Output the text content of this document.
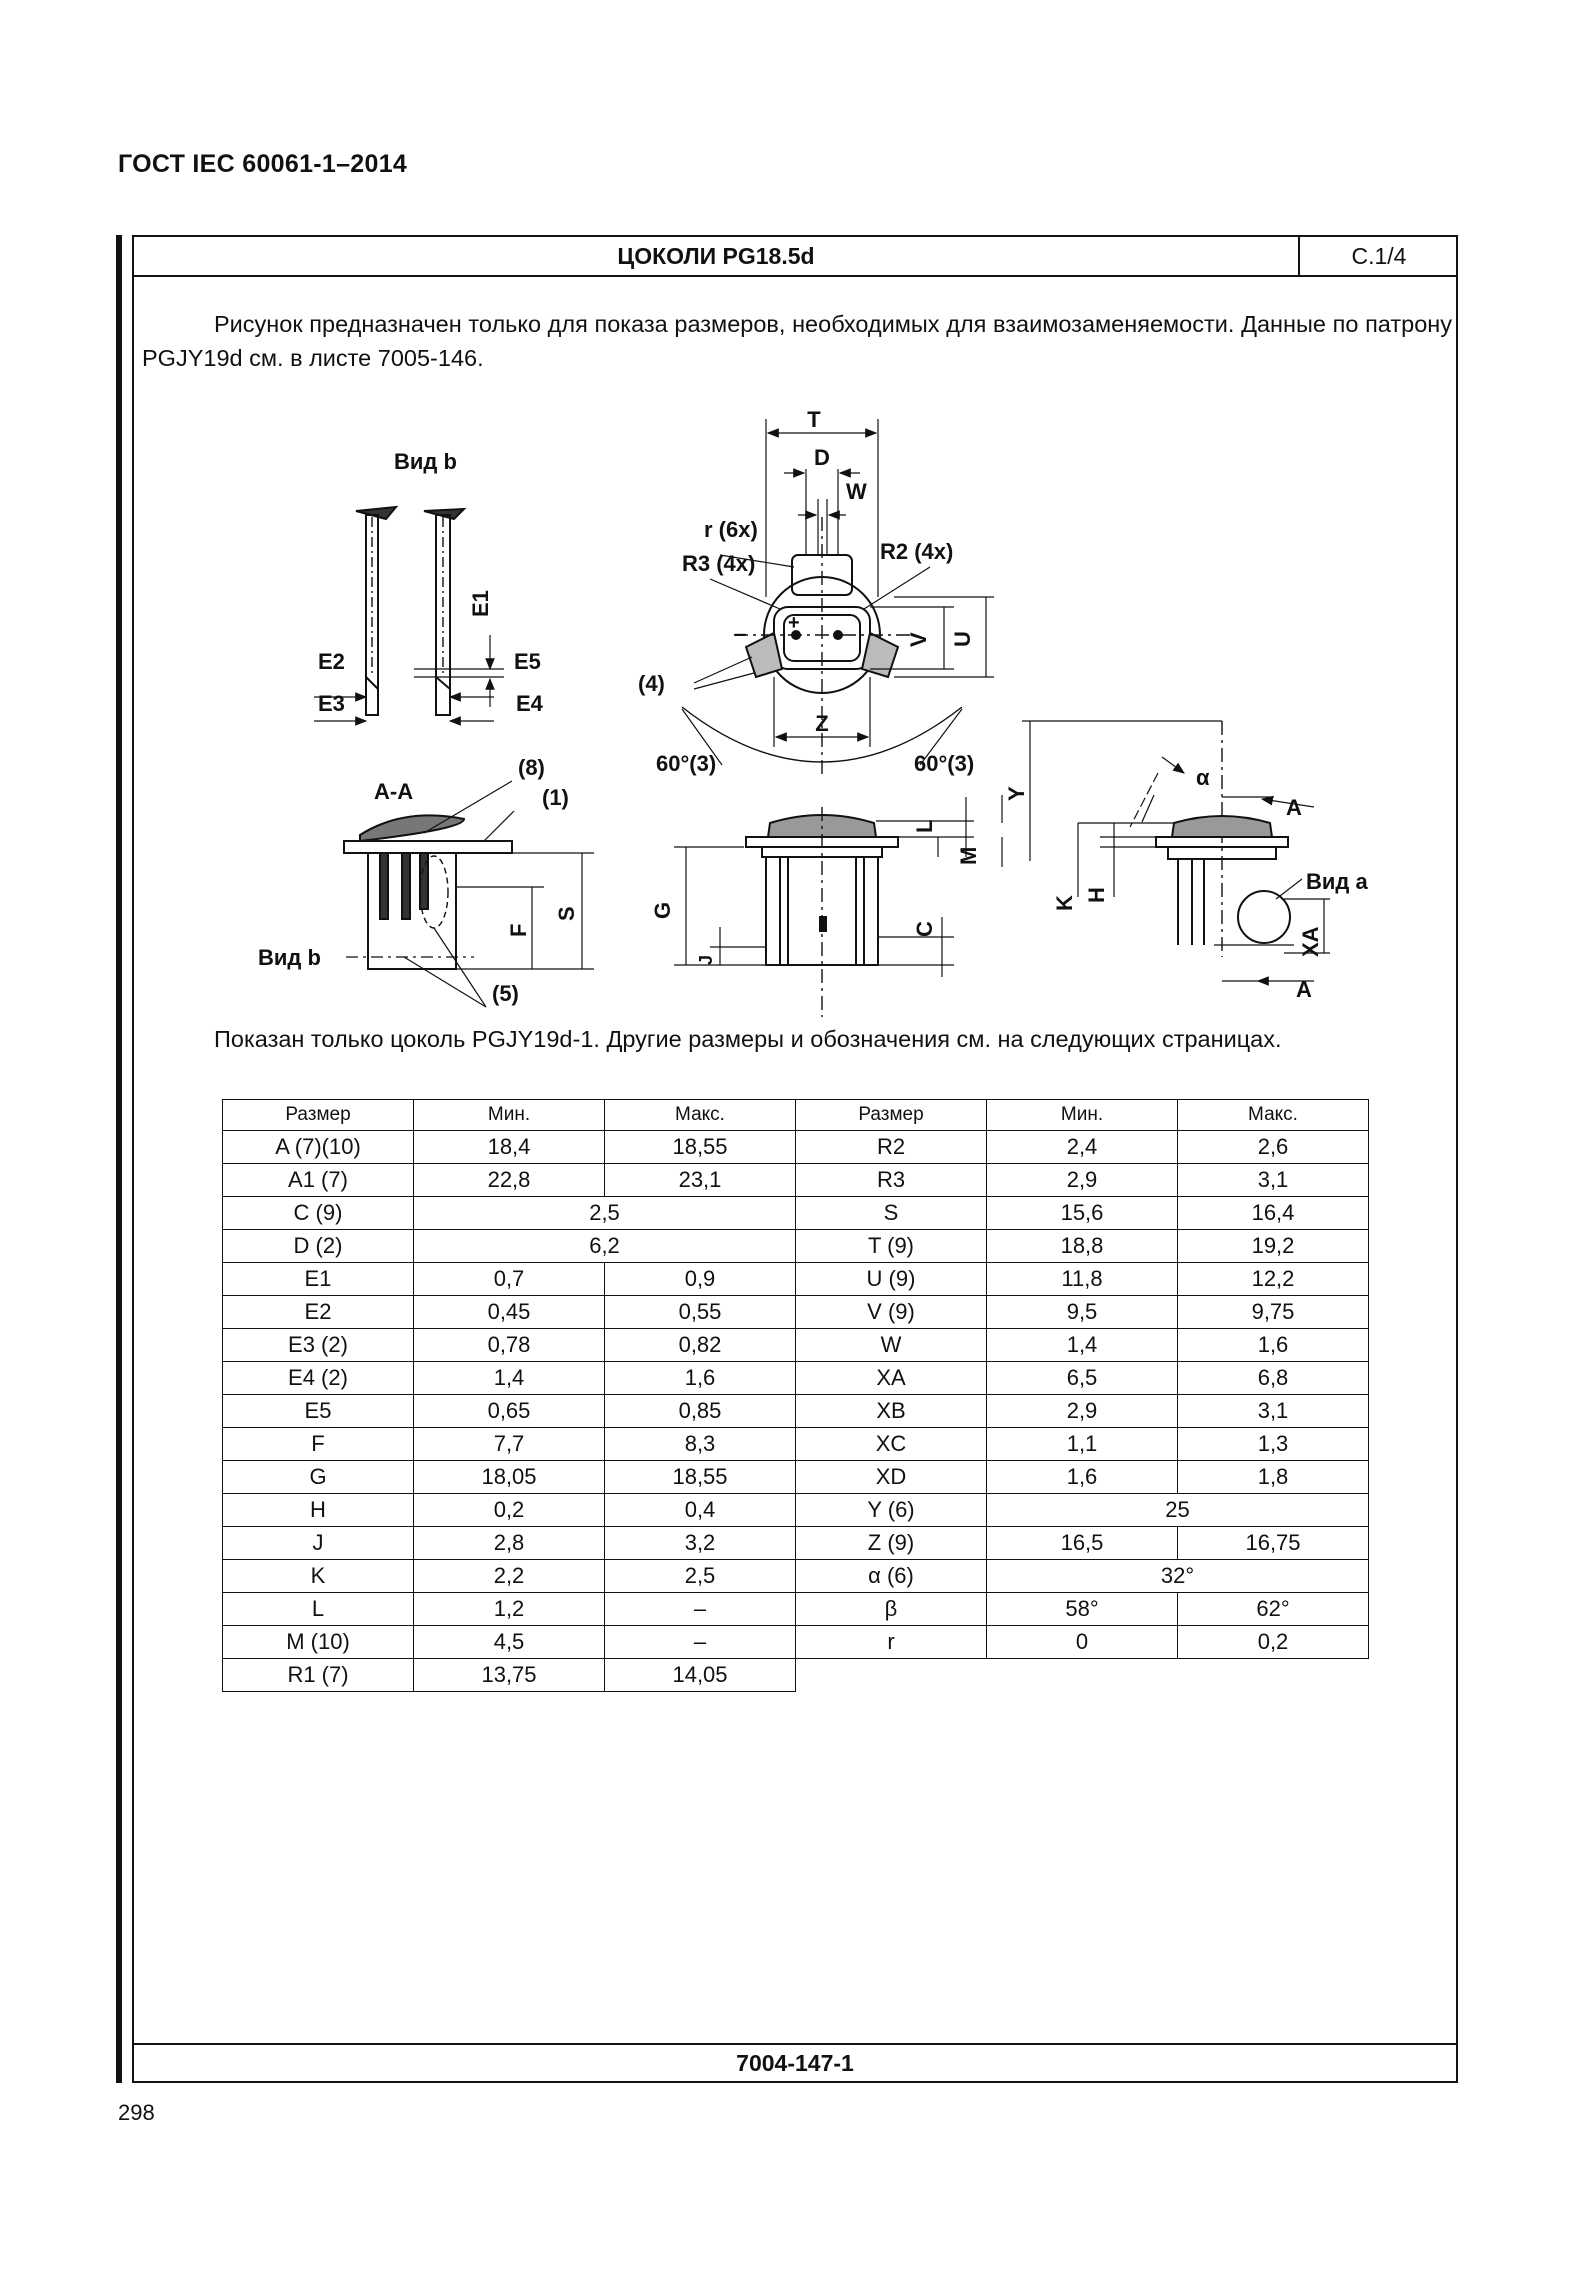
ГОСТ IEC 60061-1–2014
ЦОКОЛИ PG18.5d	С.1/4
Рисунок предназначен только для показа размеров, необходимых для взаимозаменяемости. Данные по патрону PGJY19d см. в листе 7005-146.
Вид b
T
D
W
r (6x)
R3 (4x)	R2 (4x)
+
–
E1
V U
Z
(4)
60°(3)	60°(3)
E2
E3
E5
E4
A-A
(8)
(1)
Вид b
(5)
F
S	G
J
C
L
M
Y
α
A
Вид a
K
H
XA
A
Показан только цоколь PGJY19d-1. Другие размеры и обозначения см. на следующих страницах.
Размер	Мин.	Макс.	Размер	Мин.	Макс.
A (7)(10)	18,4	18,55	R2	2,4	2,6
A1 (7)	22,8	23,1	R3	2,9	3,1
C (9)	2,5		S	15,6	16,4
D (2)	6,2		T (9)	18,8	19,2
E1	0,7	0,9	U (9)	11,8	12,2
E2	0,45	0,55	V (9)	9,5	9,75
E3 (2)	0,78	0,82	W	1,4	1,6
E4 (2)	1,4	1,6	XA	6,5	6,8
E5	0,65	0,85	XB	2,9	3,1
F	7,7	8,3	XC	1,1	1,3
G	18,05	18,55	XD	1,6	1,8
H	0,2	0,4	Y (6)	25	
J	2,8	3,2	Z (9)	16,5	16,75
K	2,2	2,5	α (6)	32°	
L	1,2	–	β	58°	62°
M (10)	4,5	–	r	0	0,2
R1 (7)	13,75	14,05			
7004-147-1
298
